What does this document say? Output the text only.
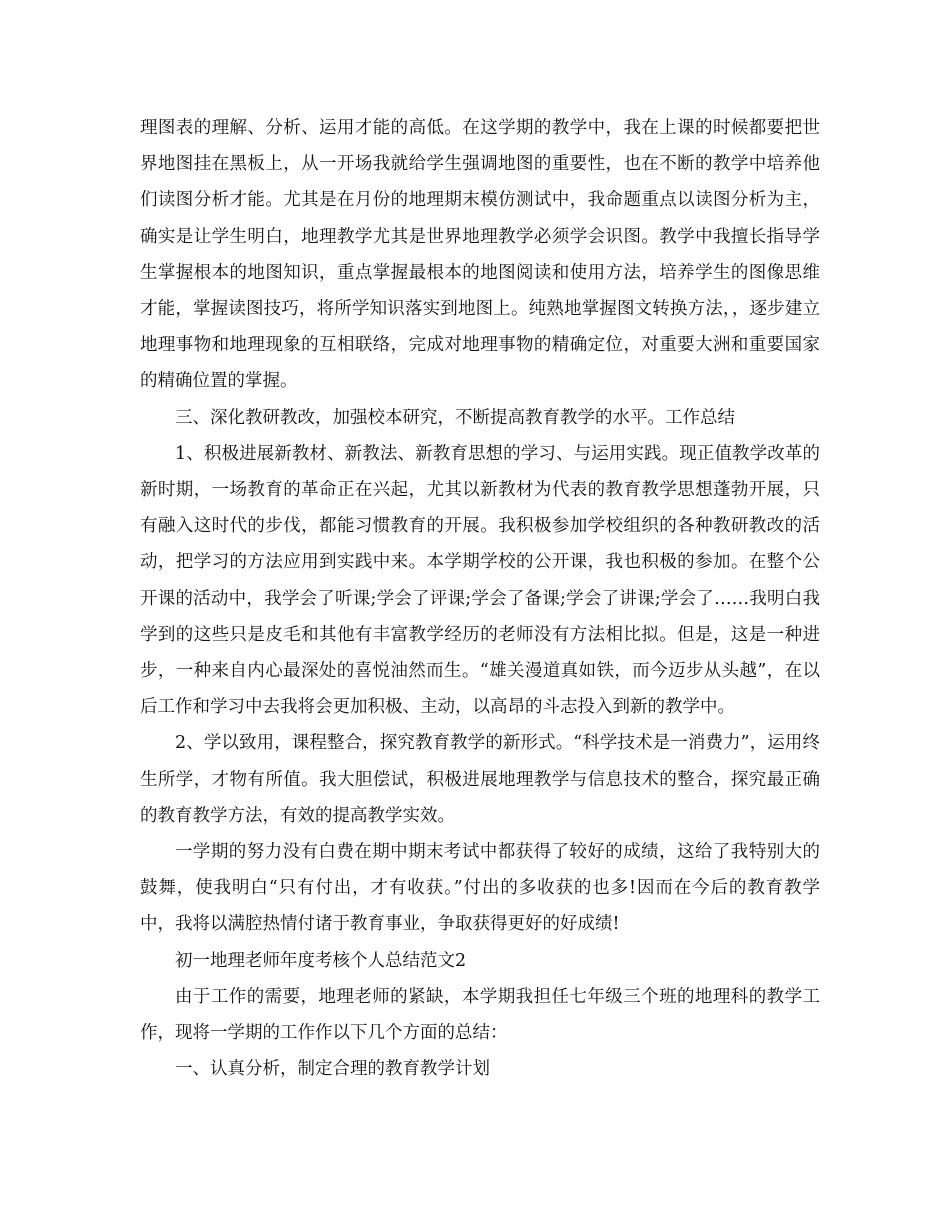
理图表的理解、分析、运用才能的高低。在这学期的教学中，我在上课的时候都要把世界地图挂在黑板上，从一开场我就给学生强调地图的重要性，也在不断的教学中培养他们读图分析才能。尤其是在月份的地理期末模仿测试中，我命题重点以读图分析为主，确实是让学生明白，地理教学尤其是世界地理教学必须学会识图。教学中我擅长指导学生掌握根本的地图知识，重点掌握最根本的地图阅读和使用方法，培养学生的图像思维才能，掌握读图技巧，将所学知识落实到地图上。纯熟地掌握图文转换方法，，逐步建立地理事物和地理现象的互相联络，完成对地理事物的精确定位，对重要大洲和重要国家的精确位置的掌握。

三、深化教研教改，加强校本研究，不断提高教育教学的水平。工作总结

1、积极进展新教材、新教法、新教育思想的学习、与运用实践。现正值教学改革的新时期，一场教育的革命正在兴起，尤其以新教材为代表的教育教学思想蓬勃开展，只有融入这时代的步伐，都能习惯教育的开展。我积极参加学校组织的各种教研教改的活动，把学习的方法应用到实践中来。本学期学校的公开课，我也积极的参加。在整个公开课的活动中，我学会了听课;学会了评课;学会了备课;学会了讲课;学会了……我明白我学到的这些只是皮毛和其他有丰富教学经历的老师没有方法相比拟。但是，这是一种进步，一种来自内心最深处的喜悦油然而生。“雄关漫道真如铁，而今迈步从头越”，在以后工作和学习中去我将会更加积极、主动，以高昂的斗志投入到新的教学中。

2、学以致用，课程整合，探究教育教学的新形式。“科学技术是一消费力”，运用终生所学，才物有所值。我大胆偿试，积极进展地理教学与信息技术的整合，探究最正确的教育教学方法，有效的提高教学实效。

一学期的努力没有白费在期中期末考试中都获得了较好的成绩，这给了我特别大的鼓舞，使我明白“只有付出，才有收获。”付出的多收获的也多!因而在今后的教育教学中，我将以满腔热情付诸于教育事业，争取获得更好的好成绩!

初一地理老师年度考核个人总结范文2

由于工作的需要，地理老师的紧缺，本学期我担任七年级三个班的地理科的教学工作，现将一学期的工作作以下几个方面的总结：

一、认真分析，制定合理的教育教学计划
